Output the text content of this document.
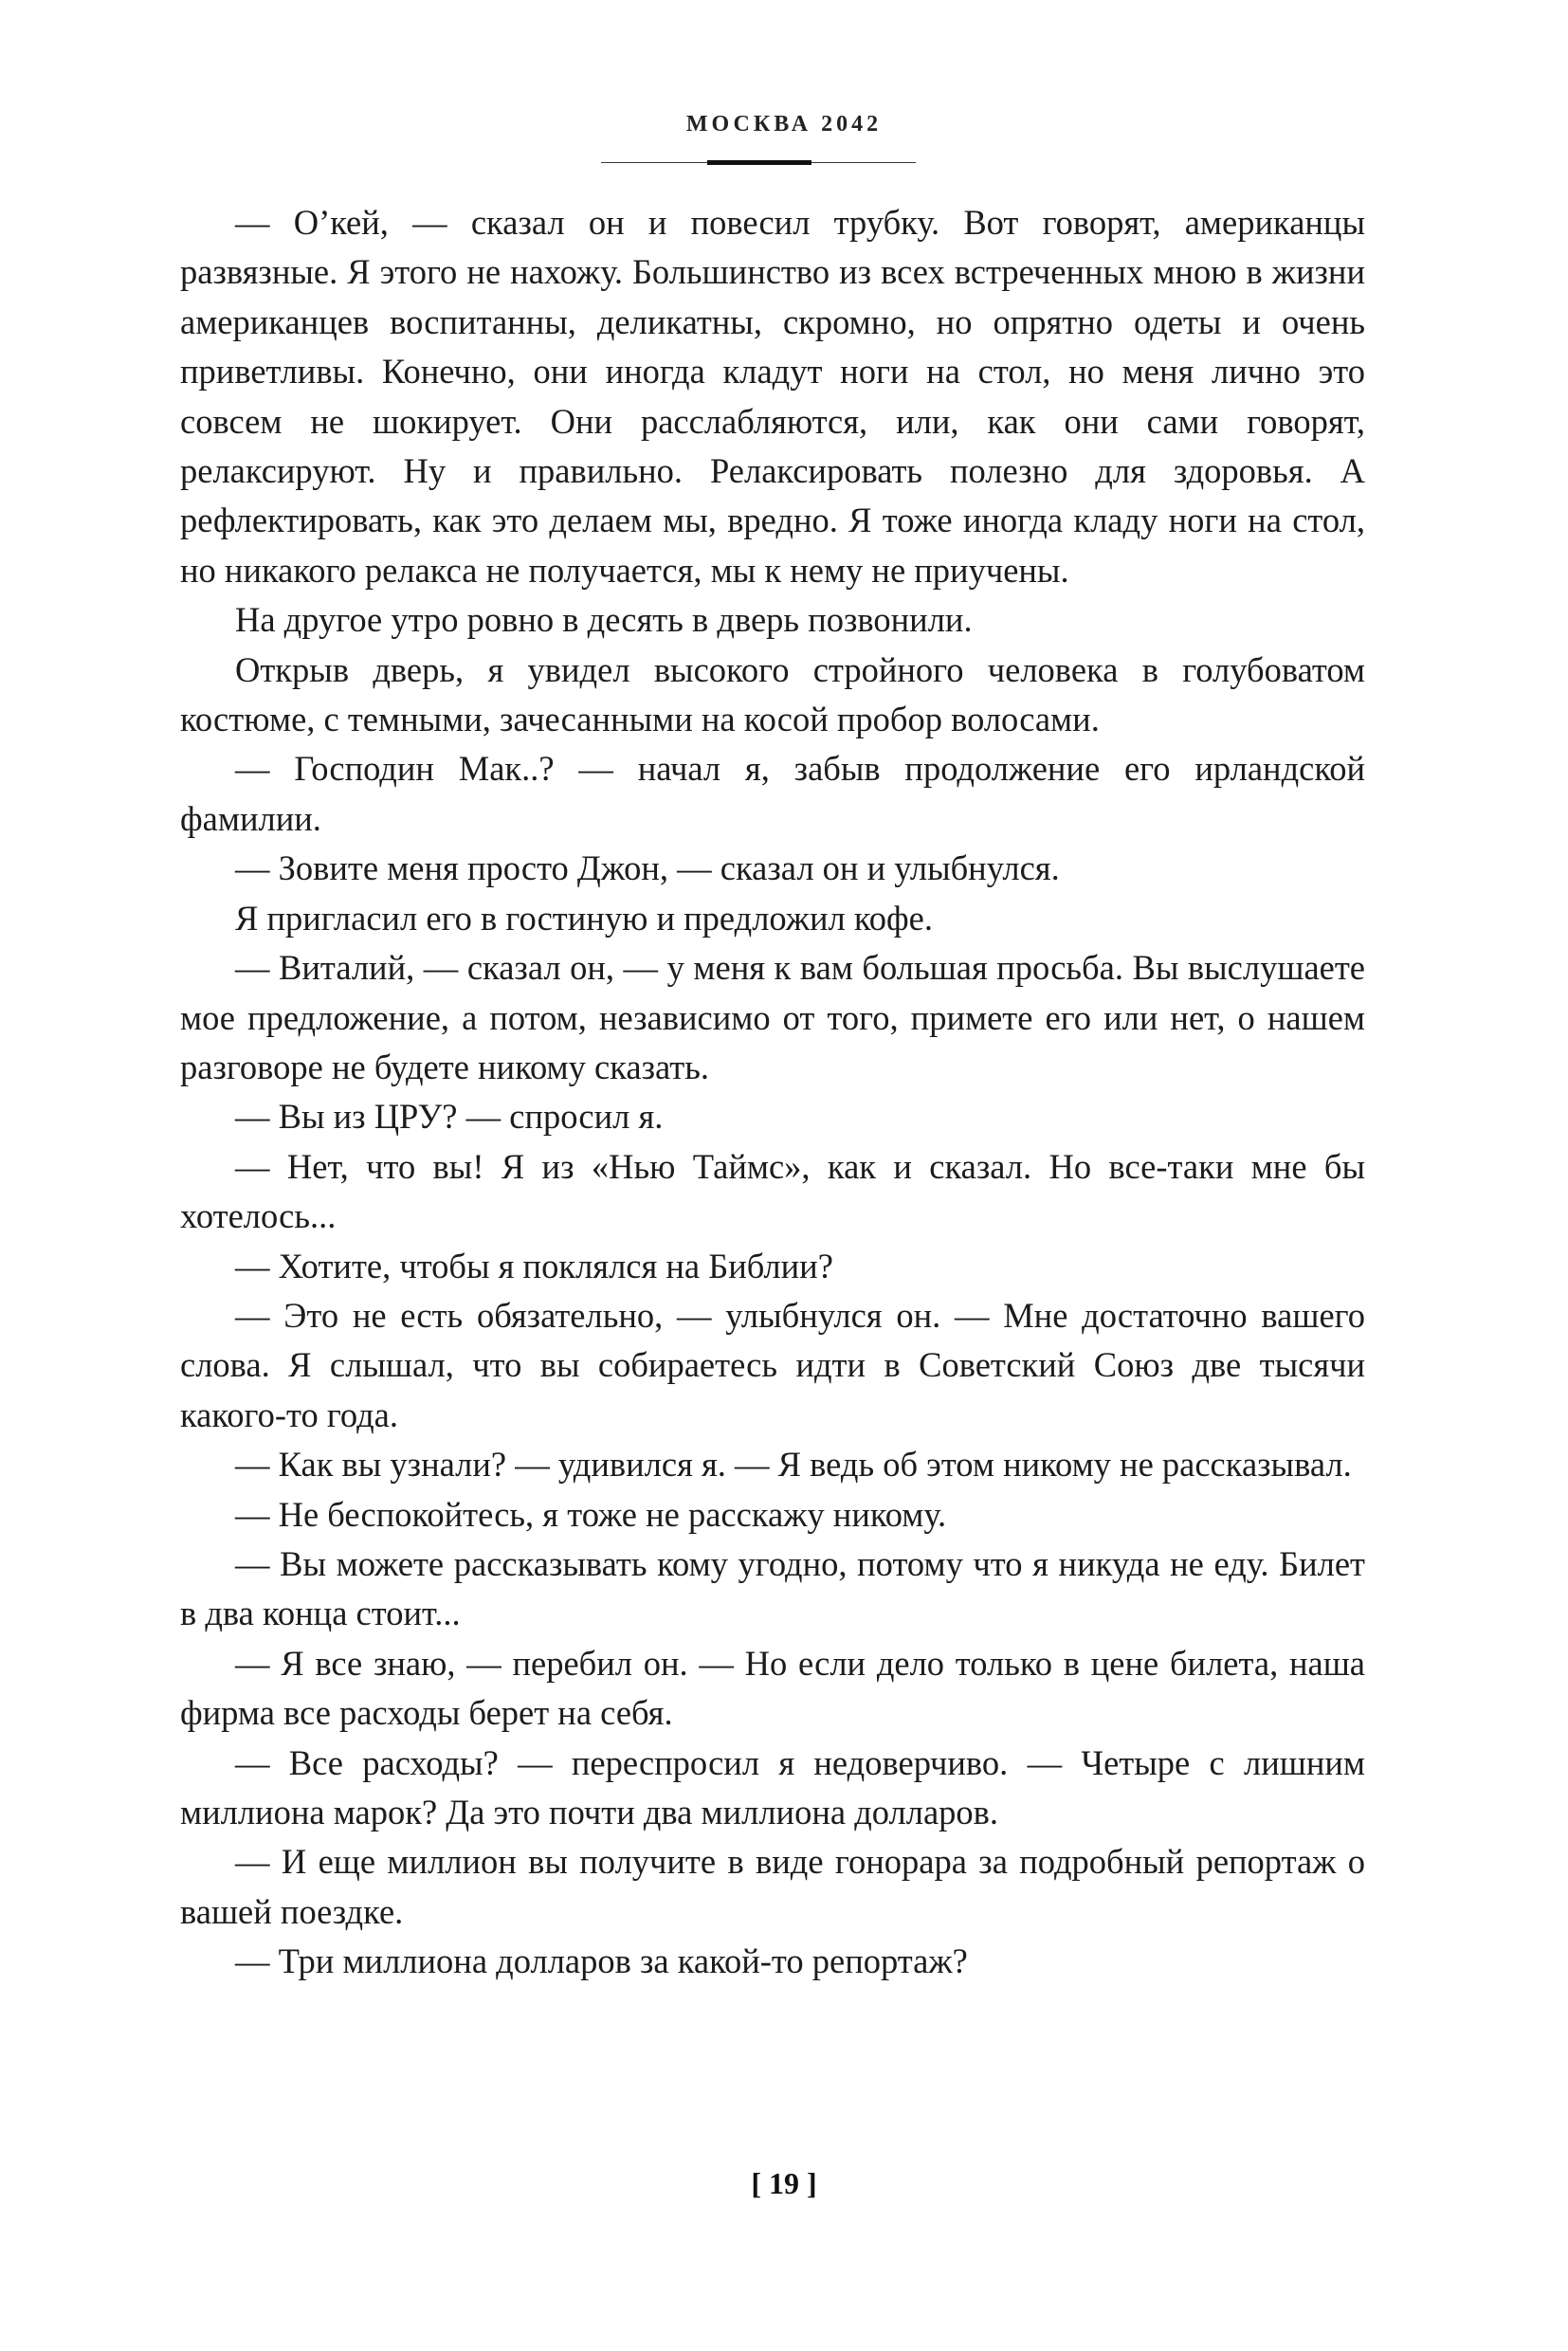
МОСКВА 2042

— О’кей, — сказал он и повесил трубку. Вот говорят, американцы развязные. Я этого не нахожу. Большинство из всех встреченных мною в жизни американцев воспитанны, деликатны, скромно, но опрятно одеты и очень приветливы. Конечно, они иногда кладут ноги на стол, но меня лично это совсем не шокирует. Они расслабляются, или, как они сами говорят, релаксируют. Ну и правильно. Релаксировать полезно для здоровья. А рефлектировать, как это делаем мы, вредно. Я тоже иногда кладу ноги на стол, но никакого релакса не получается, мы к нему не приучены.

На другое утро ровно в десять в дверь позвонили.

Открыв дверь, я увидел высокого стройного человека в голубоватом костюме, с темными, зачесанными на косой пробор волосами.

— Господин Мак..? — начал я, забыв продолжение его ирландской фамилии.

— Зовите меня просто Джон, — сказал он и улыбнулся.

Я пригласил его в гостиную и предложил кофе.

— Виталий, — сказал он, — у меня к вам большая просьба. Вы выслушаете мое предложение, а потом, независимо от того, примете его или нет, о нашем разговоре не будете никому сказать.

— Вы из ЦРУ? — спросил я.

— Нет, что вы! Я из «Нью Таймс», как и сказал. Но все-таки мне бы хотелось...

— Хотите, чтобы я поклялся на Библии?

— Это не есть обязательно, — улыбнулся он. — Мне достаточно вашего слова. Я слышал, что вы собираетесь идти в Советский Союз две тысячи какого-то года.

— Как вы узнали? — удивился я. — Я ведь об этом никому не рассказывал.

— Не беспокойтесь, я тоже не расскажу никому.

— Вы можете рассказывать кому угодно, потому что я никуда не еду. Билет в два конца стоит...

— Я все знаю, — перебил он. — Но если дело только в цене билета, наша фирма все расходы берет на себя.

— Все расходы? — переспросил я недоверчиво. — Четыре с лишним миллиона марок? Да это почти два миллиона долларов.

— И еще миллион вы получите в виде гонорара за подробный репортаж о вашей поездке.

— Три миллиона долларов за какой-то репортаж?

[ 19 ]
